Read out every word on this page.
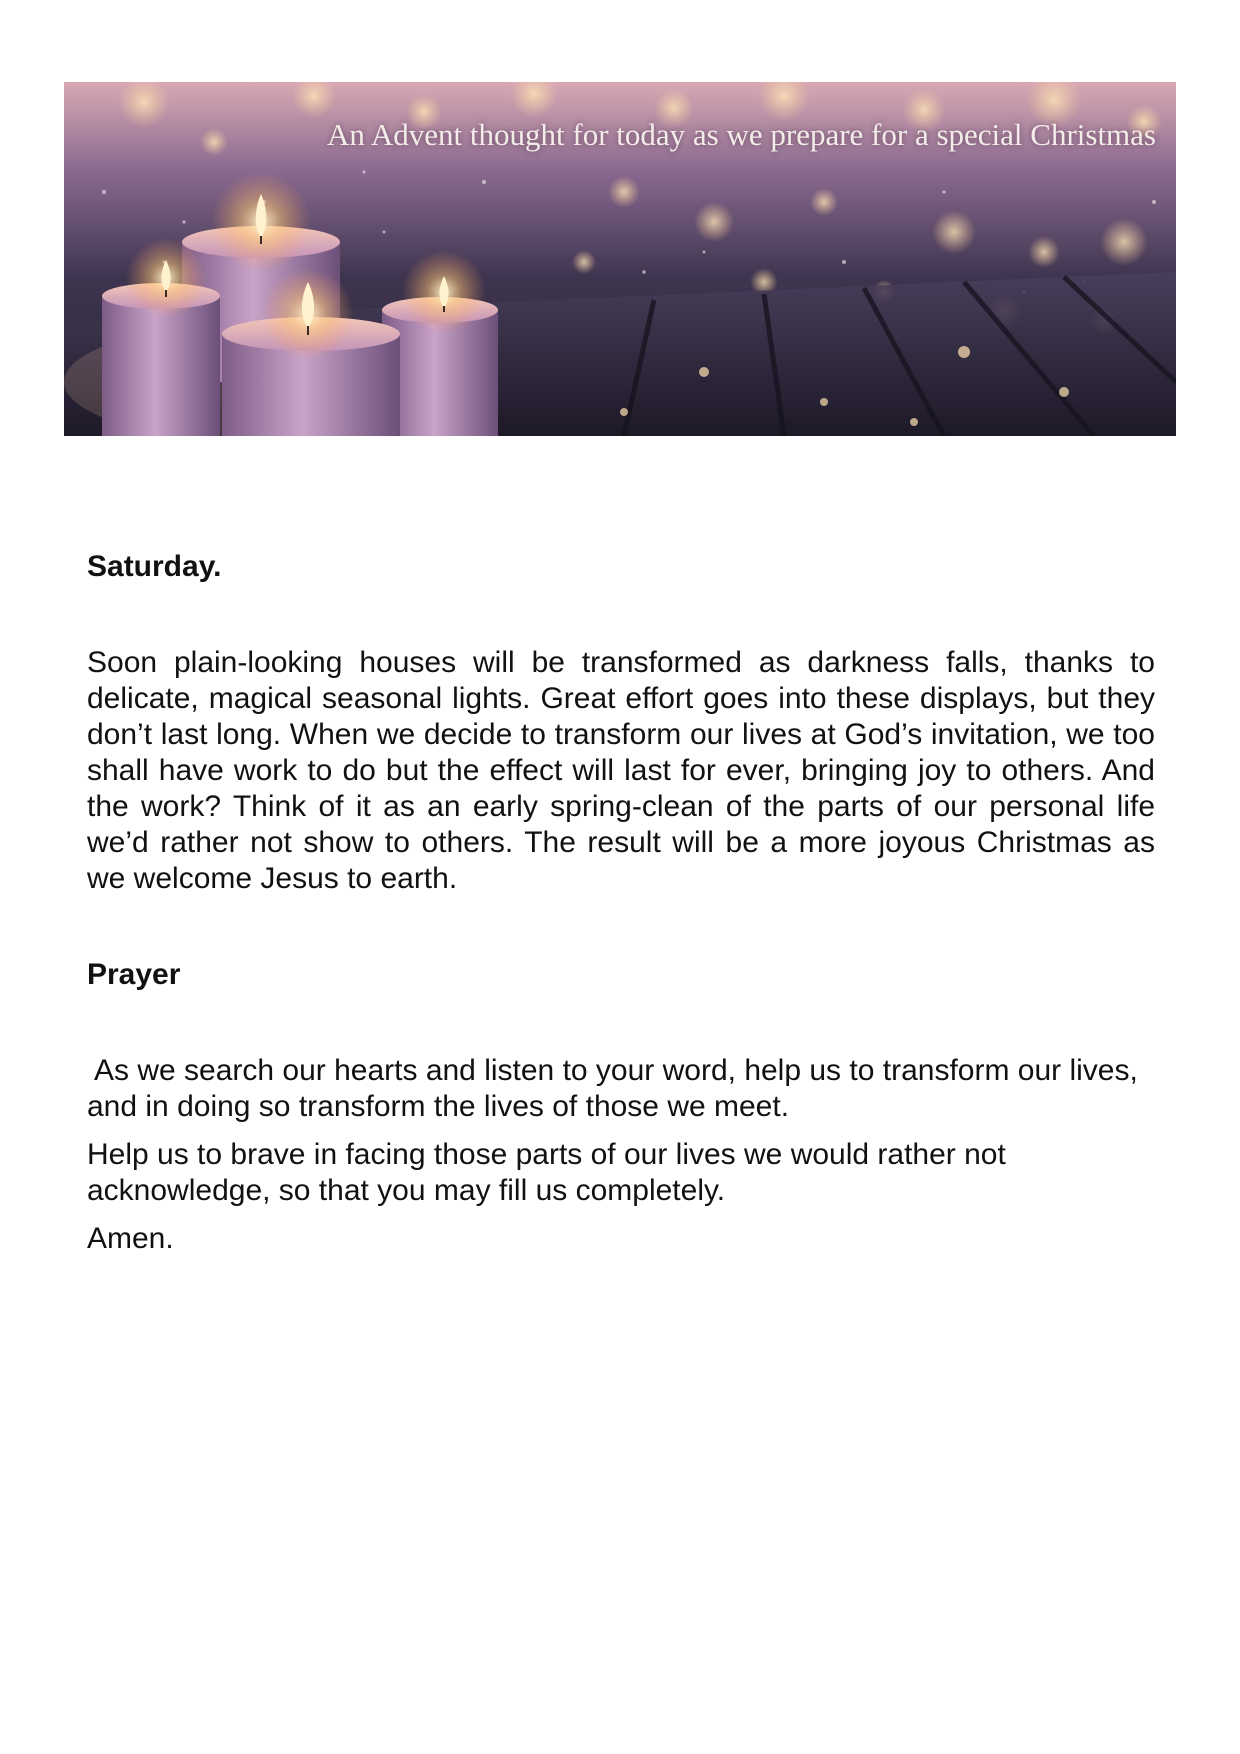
An Advent thought for today as we prepare for a special Christmas
Saturday.

Soon plain-looking houses will be transformed as darkness falls, thanks to delicate, magical seasonal lights. Great effort goes into these displays, but they don’t last long. When we decide to transform our lives at God’s invitation, we too shall have work to do but the effect will last for ever, bringing joy to others. And the work? Think of it as an early spring-clean of the parts of our personal life we’d rather not show to others. The result will be a more joyous Christmas as we welcome Jesus to earth.

Prayer

As we search our hearts and listen to your word, help us to transform our lives, and in doing so transform the lives of those we meet.

Help us to brave in facing those parts of our lives we would rather not acknowledge, so that you may fill us completely.

Amen.
